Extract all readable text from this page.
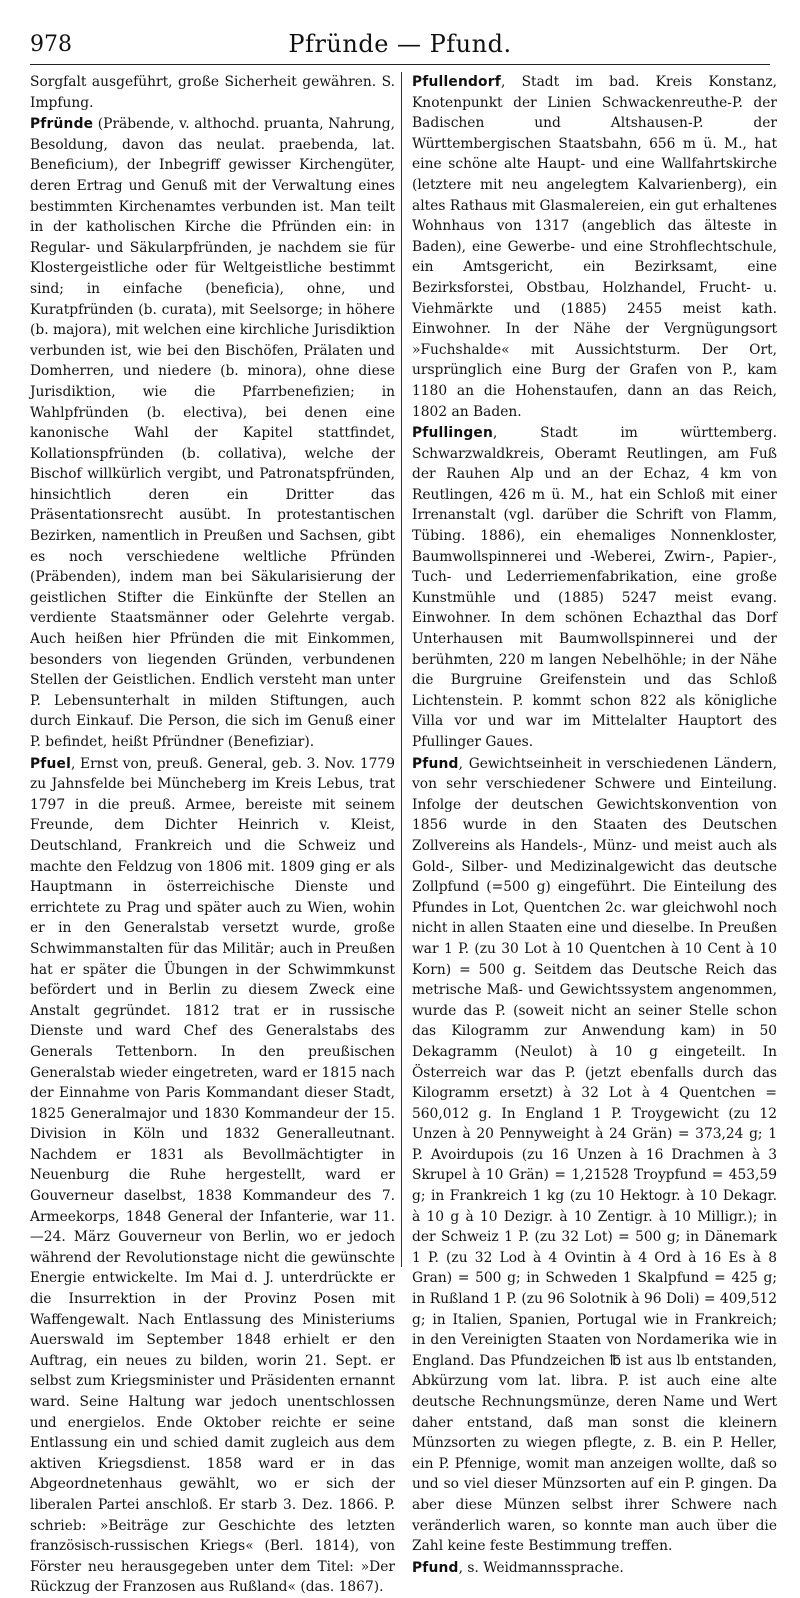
978	Pfründe — Pfund.

Sorgfalt ausgeführt, große Sicherheit gewähren. S. Impfung.

Pfründe (Präbende, v. althochd. pruanta, Nahrung, Besoldung, davon das neulat. praebenda, lat. Beneficium), der Inbegriff gewisser Kirchengüter, deren Ertrag und Genuß mit der Verwaltung eines bestimmten Kirchenamtes verbunden ist. Man teilt in der katholischen Kirche die Pfründen ein: in Regular- und Säkularpfründen, je nachdem sie für Klostergeistliche oder für Weltgeistliche bestimmt sind; in einfache (beneficia), ohne, und Kuratpfründen (b. curata), mit Seelsorge; in höhere (b. majora), mit welchen eine kirchliche Jurisdiktion verbunden ist, wie bei den Bischöfen, Prälaten und Domherren, und niedere (b. minora), ohne diese Jurisdiktion, wie die Pfarrbenefizien; in Wahlpfründen (b. electiva), bei denen eine kanonische Wahl der Kapitel stattfindet, Kollationspfründen (b. collativa), welche der Bischof willkürlich vergibt, und Patronatspfründen, hinsichtlich deren ein Dritter das Präsentationsrecht ausübt. In protestantischen Bezirken, namentlich in Preußen und Sachsen, gibt es noch verschiedene weltliche Pfründen (Präbenden), indem man bei Säkularisierung der geistlichen Stifter die Einkünfte der Stellen an verdiente Staatsmänner oder Gelehrte vergab. Auch heißen hier Pfründen die mit Einkommen, besonders von liegenden Gründen, verbundenen Stellen der Geistlichen. Endlich versteht man unter P. Lebensunterhalt in milden Stiftungen, auch durch Einkauf. Die Person, die sich im Genuß einer P. befindet, heißt Pfründner (Benefiziar).

Pfuel, Ernst von, preuß. General, geb. 3. Nov. 1779 zu Jahnsfelde bei Müncheberg im Kreis Lebus, trat 1797 in die preuß. Armee, bereiste mit seinem Freunde, dem Dichter Heinrich v. Kleist, Deutschland, Frankreich und die Schweiz und machte den Feldzug von 1806 mit. 1809 ging er als Hauptmann in österreichische Dienste und errichtete zu Prag und später auch zu Wien, wohin er in den Generalstab versetzt wurde, große Schwimmanstalten für das Militär; auch in Preußen hat er später die Übungen in der Schwimmkunst befördert und in Berlin zu diesem Zweck eine Anstalt gegründet. 1812 trat er in russische Dienste und ward Chef des Generalstabs des Generals Tettenborn. In den preußischen Generalstab wieder eingetreten, ward er 1815 nach der Einnahme von Paris Kommandant dieser Stadt, 1825 Generalmajor und 1830 Kommandeur der 15. Division in Köln und 1832 Generalleutnant. Nachdem er 1831 als Bevollmächtigter in Neuenburg die Ruhe hergestellt, ward er Gouverneur daselbst, 1838 Kommandeur des 7. Armeekorps, 1848 General der Infanterie, war 11.—24. März Gouverneur von Berlin, wo er jedoch während der Revolutionstage nicht die gewünschte Energie entwickelte. Im Mai d. J. unterdrückte er die Insurrektion in der Provinz Posen mit Waffengewalt. Nach Entlassung des Ministeriums Auerswald im September 1848 erhielt er den Auftrag, ein neues zu bilden, worin 21. Sept. er selbst zum Kriegsminister und Präsidenten ernannt ward. Seine Haltung war jedoch unentschlossen und energielos. Ende Oktober reichte er seine Entlassung ein und schied damit zugleich aus dem aktiven Kriegsdienst. 1858 ward er in das Abgeordnetenhaus gewählt, wo er sich der liberalen Partei anschloß. Er starb 3. Dez. 1866. P. schrieb: »Beiträge zur Geschichte des letzten französisch-russischen Kriegs« (Berl. 1814), von Förster neu herausgegeben unter dem Titel: »Der Rückzug der Franzosen aus Rußland« (das. 1867).

Pfullendorf, Stadt im bad. Kreis Konstanz, Knotenpunkt der Linien Schwackenreuthe-P. der Badischen und Altshausen-P. der Württembergischen Staatsbahn, 656 m ü. M., hat eine schöne alte Haupt- und eine Wallfahrtskirche (letztere mit neu angelegtem Kalvarienberg), ein altes Rathaus mit Glasmalereien, ein gut erhaltenes Wohnhaus von 1317 (angeblich das älteste in Baden), eine Gewerbe- und eine Strohflechtschule, ein Amtsgericht, ein Bezirksamt, eine Bezirksforstei, Obstbau, Holzhandel, Frucht- u. Viehmärkte und (1885) 2455 meist kath. Einwohner. In der Nähe der Vergnügungsort »Fuchshalde« mit Aussichtsturm. Der Ort, ursprünglich eine Burg der Grafen von P., kam 1180 an die Hohenstaufen, dann an das Reich, 1802 an Baden.

Pfullingen, Stadt im württemberg. Schwarzwaldkreis, Oberamt Reutlingen, am Fuß der Rauhen Alp und an der Echaz, 4 km von Reutlingen, 426 m ü. M., hat ein Schloß mit einer Irrenanstalt (vgl. darüber die Schrift von Flamm, Tübing. 1886), ein ehemaliges Nonnenkloster, Baumwollspinnerei und -Weberei, Zwirn-, Papier-, Tuch- und Lederriemenfabrikation, eine große Kunstmühle und (1885) 5247 meist evang. Einwohner. In dem schönen Echazthal das Dorf Unterhausen mit Baumwollspinnerei und der berühmten, 220 m langen Nebelhöhle; in der Nähe die Burgruine Greifenstein und das Schloß Lichtenstein. P. kommt schon 822 als königliche Villa vor und war im Mittelalter Hauptort des Pfullinger Gaues.

Pfund, Gewichtseinheit in verschiedenen Ländern, von sehr verschiedener Schwere und Einteilung. Infolge der deutschen Gewichtskonvention von 1856 wurde in den Staaten des Deutschen Zollvereins als Handels-, Münz- und meist auch als Gold-, Silber- und Medizinalgewicht das deutsche Zollpfund (=500 g) eingeführt. Die Einteilung des Pfundes in Lot, Quentchen 2c. war gleichwohl noch nicht in allen Staaten eine und dieselbe. In Preußen war 1 P. (zu 30 Lot à 10 Quentchen à 10 Cent à 10 Korn) = 500 g. Seitdem das Deutsche Reich das metrische Maß- und Gewichtssystem angenommen, wurde das P. (soweit nicht an seiner Stelle schon das Kilogramm zur Anwendung kam) in 50 Dekagramm (Neulot) à 10 g eingeteilt. In Österreich war das P. (jetzt ebenfalls durch das Kilogramm ersetzt) à 32 Lot à 4 Quentchen = 560,012 g. In England 1 P. Troygewicht (zu 12 Unzen à 20 Pennyweight à 24 Grän) = 373,24 g; 1 P. Avoirdupois (zu 16 Unzen à 16 Drachmen à 3 Skrupel à 10 Grän) = 1,21528 Troypfund = 453,59 g; in Frankreich 1 kg (zu 10 Hektogr. à 10 Dekagr. à 10 g à 10 Dezigr. à 10 Zentigr. à 10 Milligr.); in der Schweiz 1 P. (zu 32 Lot) = 500 g; in Dänemark 1 P. (zu 32 Lod à 4 Ovintin à 4 Ord à 16 Es à 8 Gran) = 500 g; in Schweden 1 Skalpfund = 425 g; in Rußland 1 P. (zu 96 Solotnik à 96 Doli) = 409,512 g; in Italien, Spanien, Portugal wie in Frankreich; in den Vereinigten Staaten von Nordamerika wie in England. Das Pfundzeichen ℔ ist aus lb entstanden, Abkürzung vom lat. libra. P. ist auch eine alte deutsche Rechnungsmünze, deren Name und Wert daher entstand, daß man sonst die kleinern Münzsorten zu wiegen pflegte, z. B. ein P. Heller, ein P. Pfennige, womit man anzeigen wollte, daß so und so viel dieser Münzsorten auf ein P. gingen. Da aber diese Münzen selbst ihrer Schwere nach veränderlich waren, so konnte man auch über die Zahl keine feste Bestimmung treffen.

Pfund, s. Weidmannssprache.
